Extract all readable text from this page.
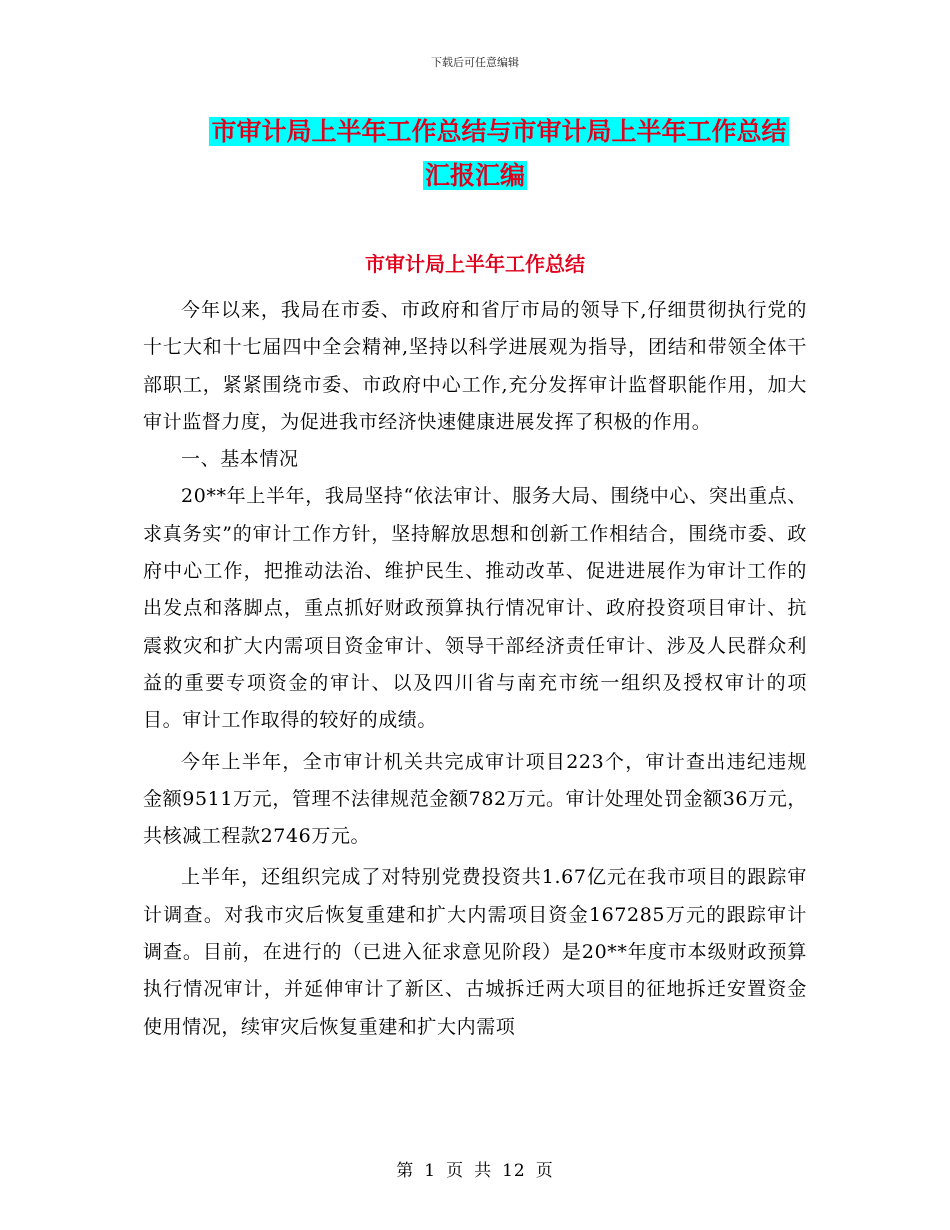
下载后可任意编辑
市审计局上半年工作总结与市审计局上半年工作总结
汇报汇编
市审计局上半年工作总结

今年以来，我局在市委、市政府和省厅市局的领导下,仔细贯彻执行党的十七大和十七届四中全会精神,坚持以科学进展观为指导，团结和带领全体干部职工，紧紧围绕市委、市政府中心工作,充分发挥审计监督职能作用，加大审计监督力度，为促进我市经济快速健康进展发挥了积极的作用。

一、基本情况

20**年上半年，我局坚持“依法审计、服务大局、围绕中心、突出重点、求真务实”的审计工作方针，坚持解放思想和创新工作相结合，围绕市委、政府中心工作，把推动法治、维护民生、推动改革、促进进展作为审计工作的出发点和落脚点，重点抓好财政预算执行情况审计、政府投资项目审计、抗震救灾和扩大内需项目资金审计、领导干部经济责任审计、涉及人民群众利益的重要专项资金的审计、以及四川省与南充市统一组织及授权审计的项目。审计工作取得的较好的成绩。

今年上半年，全市审计机关共完成审计项目223个，审计查出违纪违规金额9511万元，管理不法律规范金额782万元。审计处理处罚金额36万元，共核减工程款2746万元。

上半年，还组织完成了对特别党费投资共1.67亿元在我市项目的跟踪审计调查。对我市灾后恢复重建和扩大内需项目资金167285万元的跟踪审计调查。目前，在进行的（已进入征求意见阶段）是20**年度市本级财政预算执行情况审计，并延伸审计了新区、古城拆迁两大项目的征地拆迁安置资金使用情况，续审灾后恢复重建和扩大内需项

第 1 页 共 12 页
